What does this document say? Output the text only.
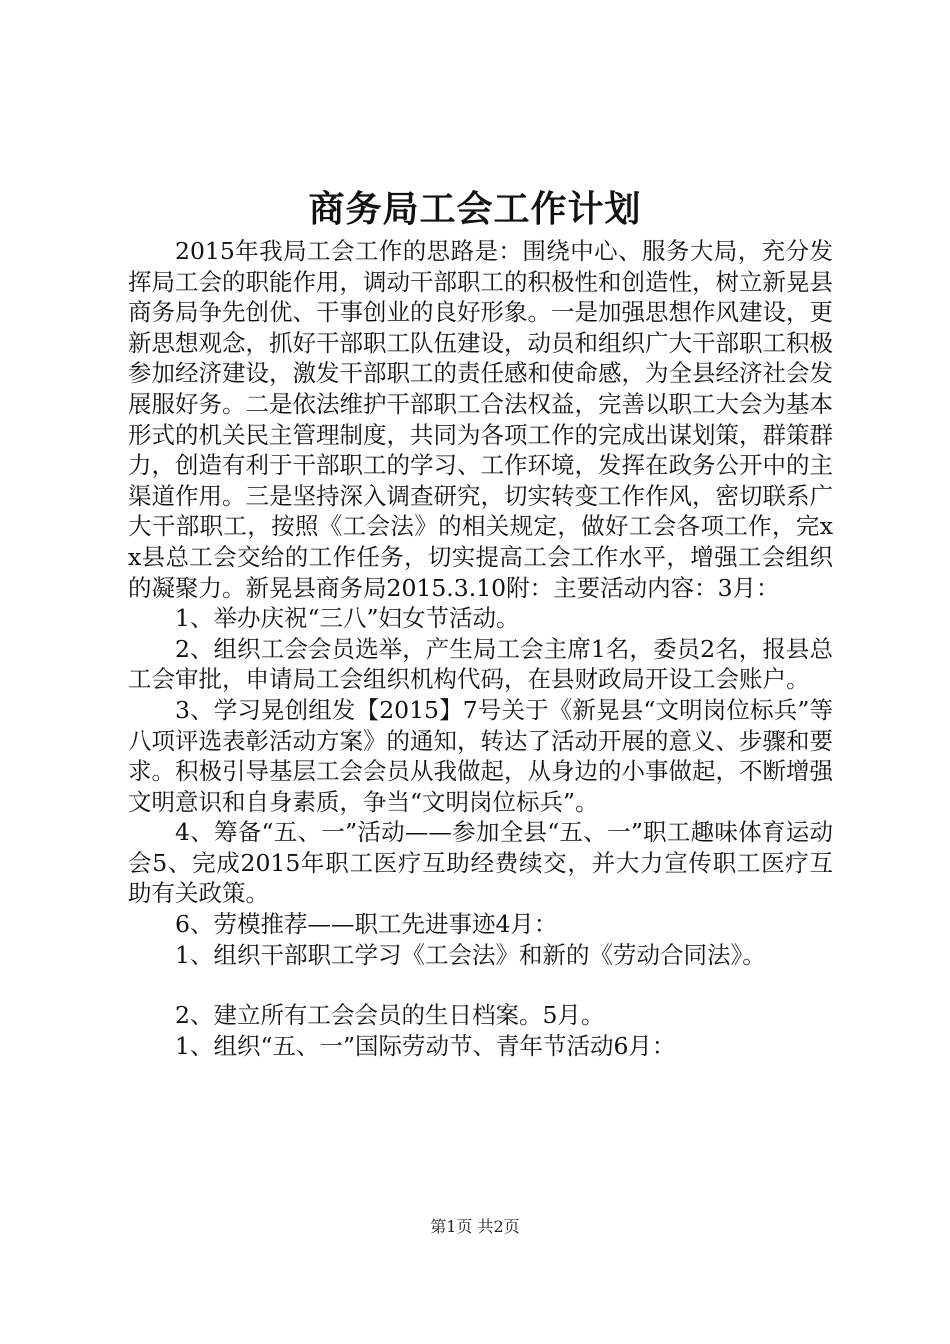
商务局工会工作计划

2015年我局工会工作的思路是：围绕中心、服务大局，充分发挥局工会的职能作用，调动干部职工的积极性和创造性，树立新晃县商务局争先创优、干事创业的良好形象。一是加强思想作风建设，更新思想观念，抓好干部职工队伍建设，动员和组织广大干部职工积极参加经济建设，激发干部职工的责任感和使命感，为全县经济社会发展服好务。二是依法维护干部职工合法权益，完善以职工大会为基本形式的机关民主管理制度，共同为各项工作的完成出谋划策，群策群力，创造有利于干部职工的学习、工作环境，发挥在政务公开中的主渠道作用。三是坚持深入调查研究，切实转变工作作风，密切联系广大干部职工，按照《工会法》的相关规定，做好工会各项工作，完xx县总工会交给的工作任务，切实提高工会工作水平，增强工会组织的凝聚力。新晃县商务局2015.3.10附：主要活动内容：3月：

1、举办庆祝“三八”妇女节活动。

2、组织工会会员选举，产生局工会主席1名，委员2名，报县总工会审批，申请局工会组织机构代码，在县财政局开设工会账户。

3、学习晃创组发【2015】7号关于《新晃县“文明岗位标兵”等八项评选表彰活动方案》的通知，转达了活动开展的意义、步骤和要求。积极引导基层工会会员从我做起，从身边的小事做起，不断增强文明意识和自身素质，争当“文明岗位标兵”。

4、筹备“五、一”活动——参加全县“五、一”职工趣味体育运动会5、完成2015年职工医疗互助经费续交，并大力宣传职工医疗互助有关政策。

6、劳模推荐——职工先进事迹4月：

1、组织干部职工学习《工会法》和新的《劳动合同法》。

2、建立所有工会会员的生日档案。5月。

1、组织“五、一”国际劳动节、青年节活动6月：

第1页 共2页
